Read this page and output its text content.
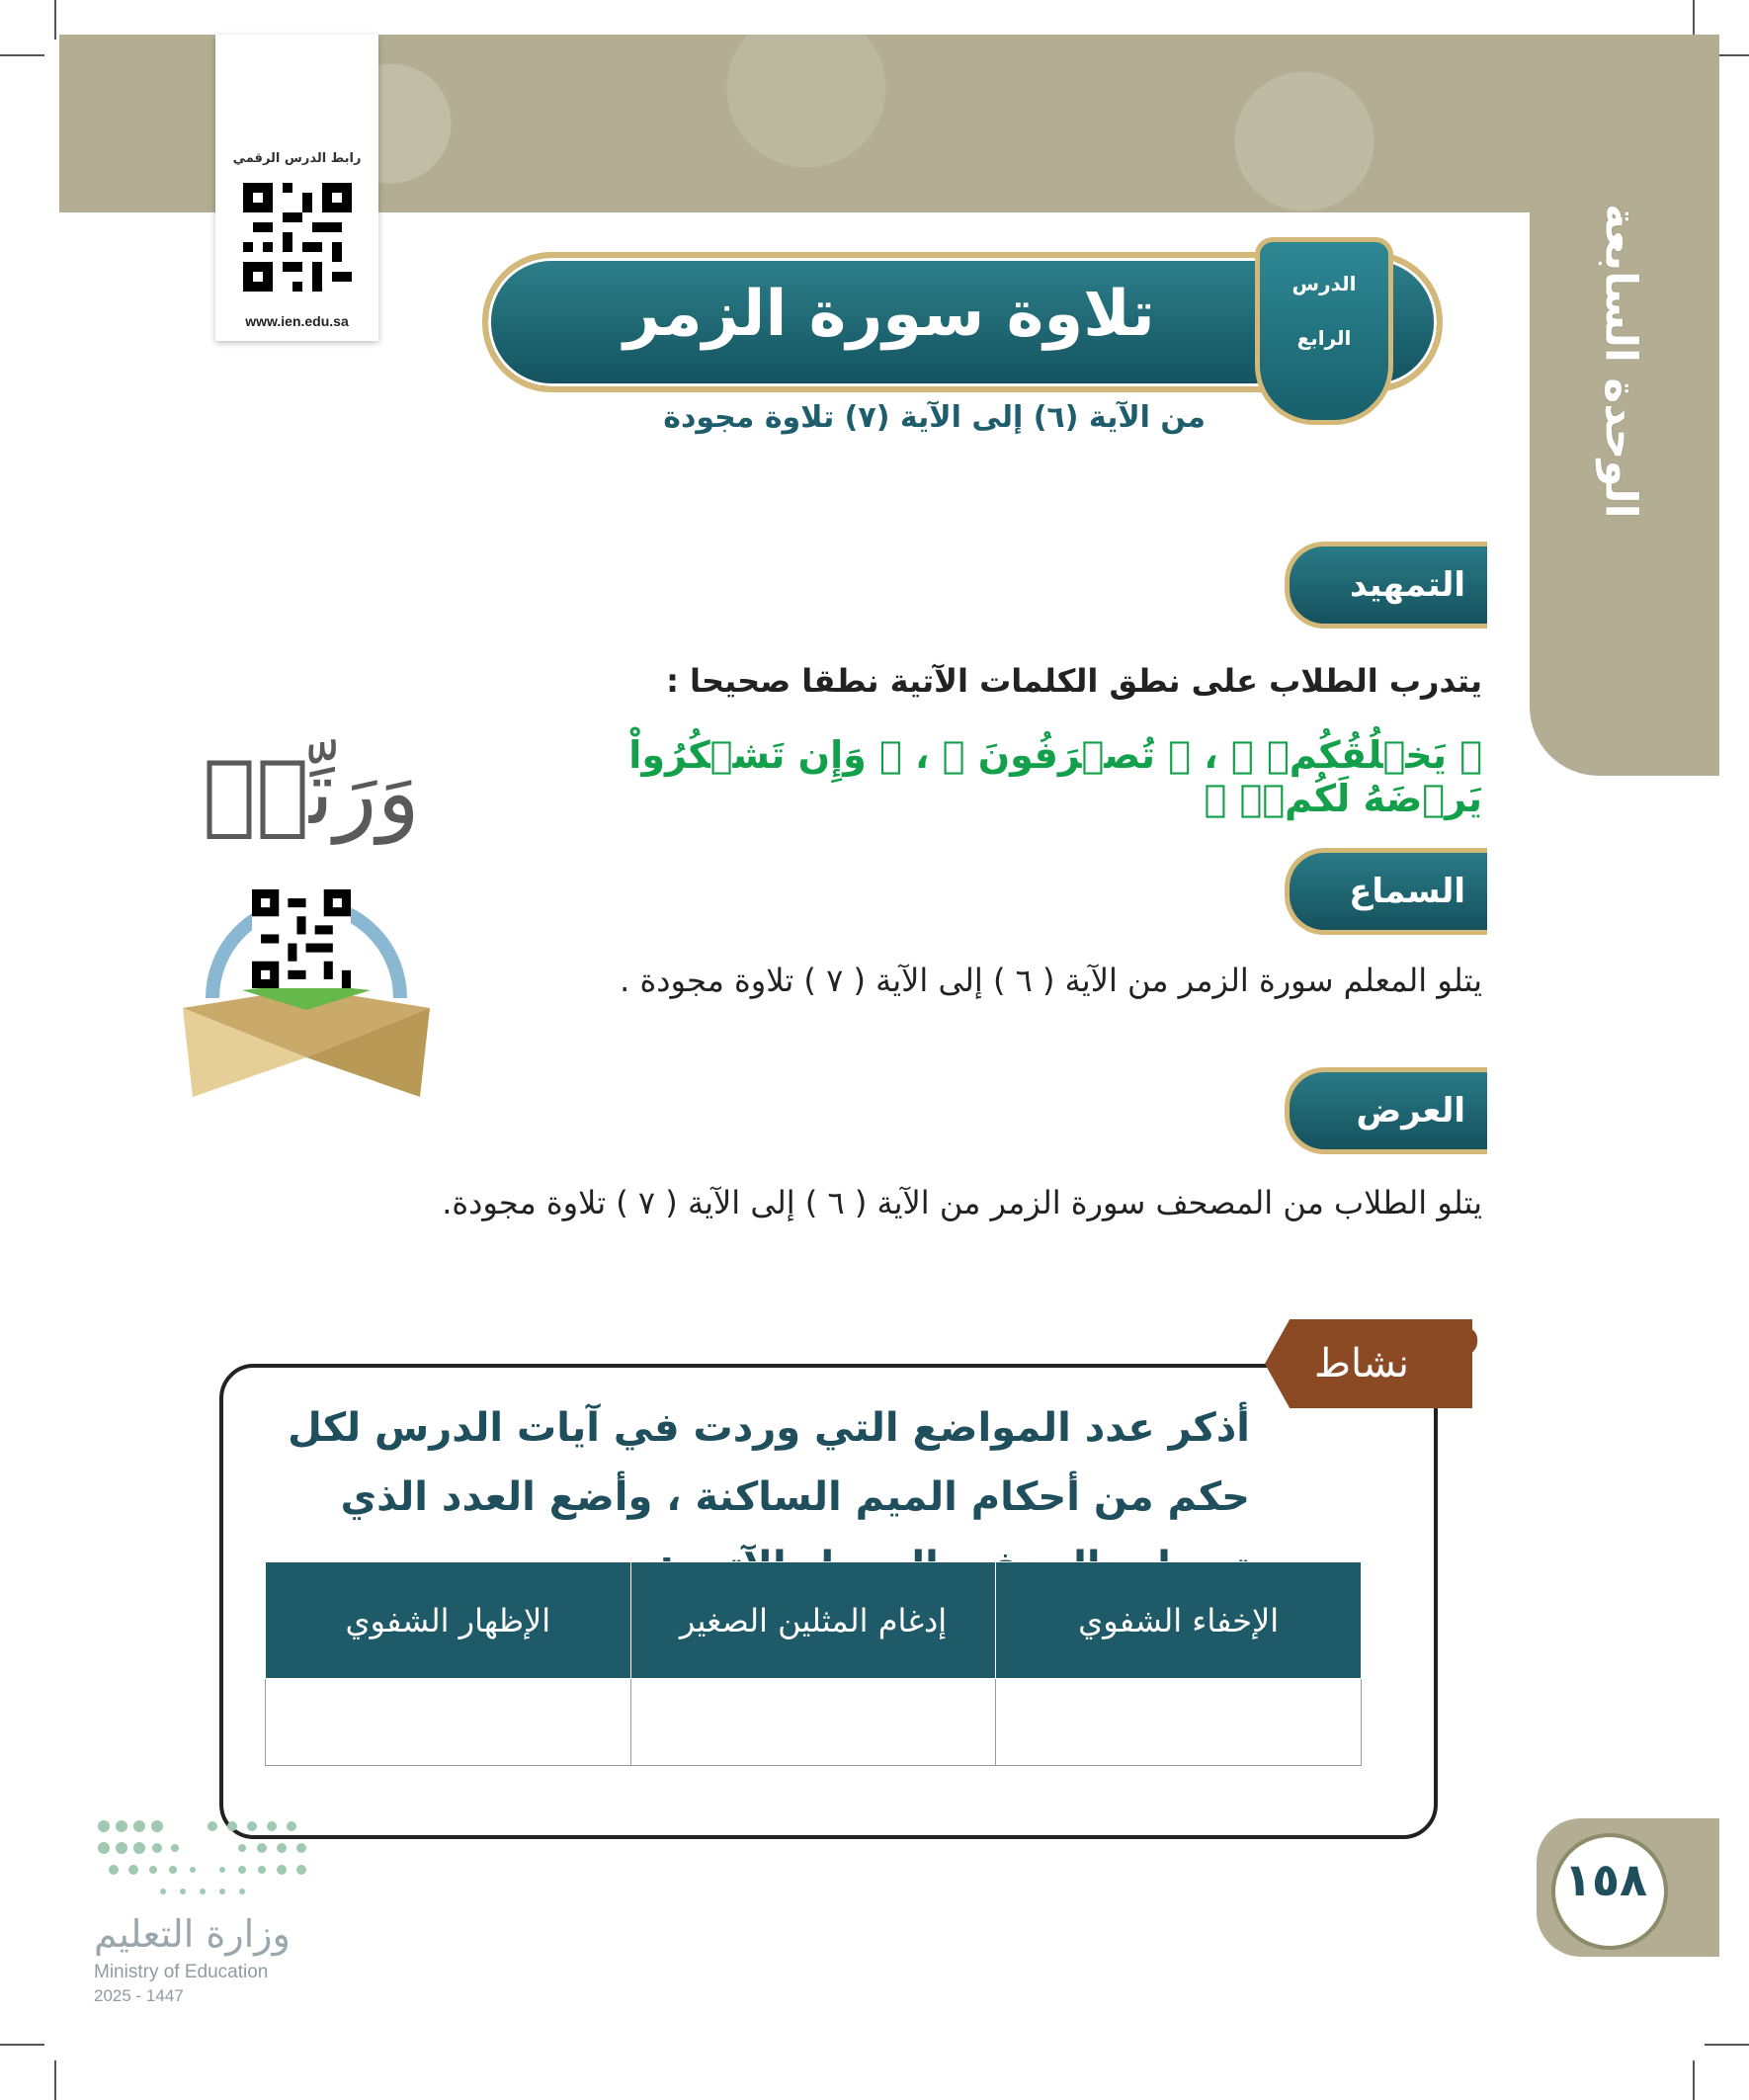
الوحدة السابعة
رابط الدرس الرقمي
www.ien.edu.sa	تلاوة سورة الزمر	الدرس
الرابع
من الآية (٦) إلى الآية (٧) تلاوة مجودة
التمهيد
يتدرب الطلاب على نطق الكلمات الآتية نطقا صحيحا :
﴿ يَخۡلُقُكُمۡ ﴾ ، ﴿ تُصۡرَفُونَ ﴾ ، ﴿ وَإِن تَشۡكُرُواْ يَرۡضَهُ لَكُمۡۗ ﴾
السماع
يتلو المعلم سورة الزمر من الآية ( ٦ ) إلى الآية ( ٧ ) تلاوة مجودة .
العرض
يتلو الطلاب من المصحف سورة الزمر من الآية ( ٦ ) إلى الآية ( ٧ ) تلاوة مجودة.
وَرَتِّلۡ
نشاط ?
أذكر عدد المواضع التي وردت في آيات الدرس لكل حكم من أحكام الميم الساكنة ، وأضع العدد الذي
الإخفاء الشفوي	إدغام المثلين الصغير	الإظهار الشفوي

١٥٨
وزارة التعليم
Ministry of Education
2025 - 1447
